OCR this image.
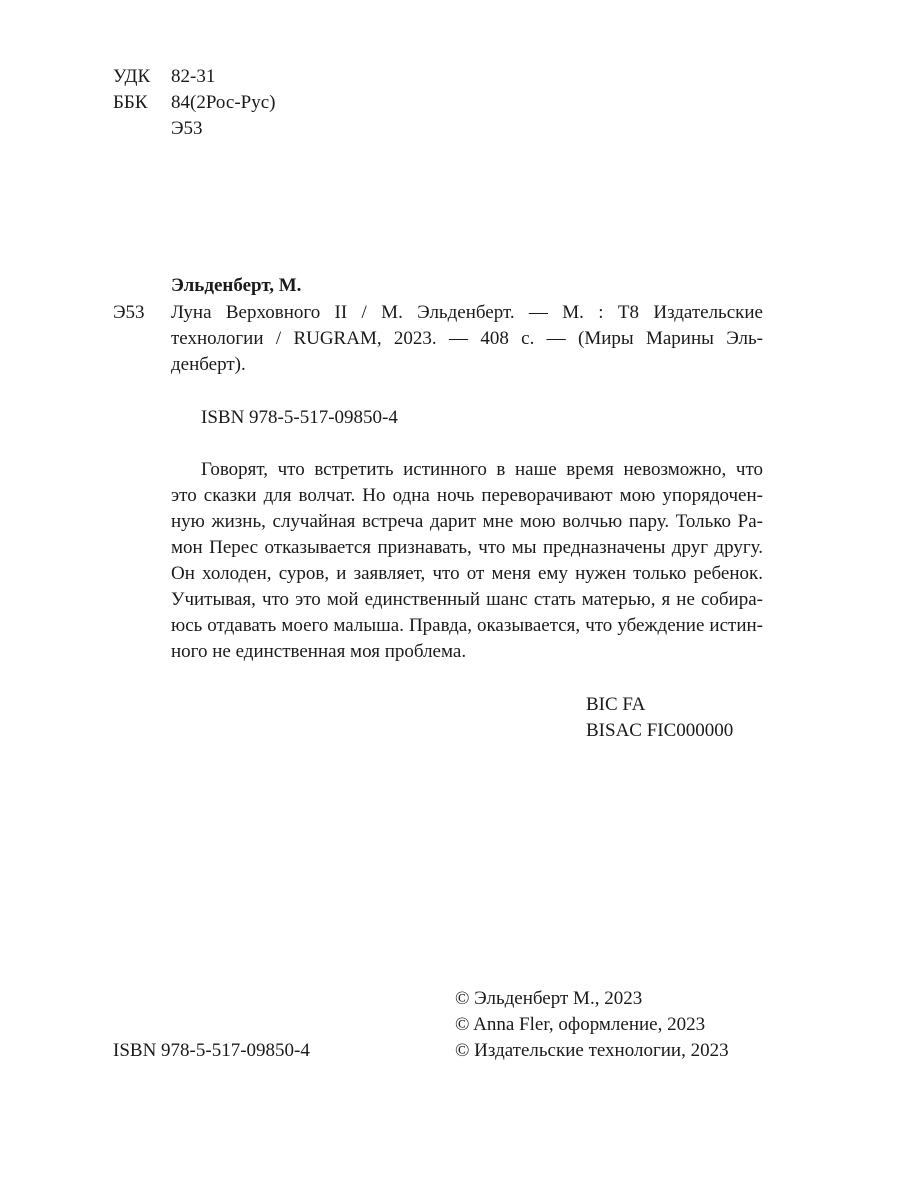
УДК 82-31
ББК 84(2Рос-Рус)
Э53
Эльденберт, М.
Э53 Луна Верховного II / М. Эльденберт. — М. : Т8 Издательские
технологии / RUGRAM, 2023. — 408 с. — (Миры Марины Эль-
денберт).
ISBN 978-5-517-09850-4
Говорят, что встретить истинного в наше время невозможно, что
это сказки для волчат. Но одна ночь переворачивают мою упорядочен-
ную жизнь, случайная встреча дарит мне мою волчью пару. Только Ра-
мон Перес отказывается признавать, что мы предназначены друг другу.
Он холоден, суров, и заявляет, что от меня ему нужен только ребенок.
Учитывая, что это мой единственный шанс стать матерью, я не собира-
юсь отдавать моего малыша. Правда, оказывается, что убеждение истин-
ного не единственная моя проблема.
BIC FA
BISAC FIC000000
© Эльденберт М., 2023
© Anna Fler, оформление, 2023
© Издательские технологии, 2023
ISBN 978-5-517-09850-4
